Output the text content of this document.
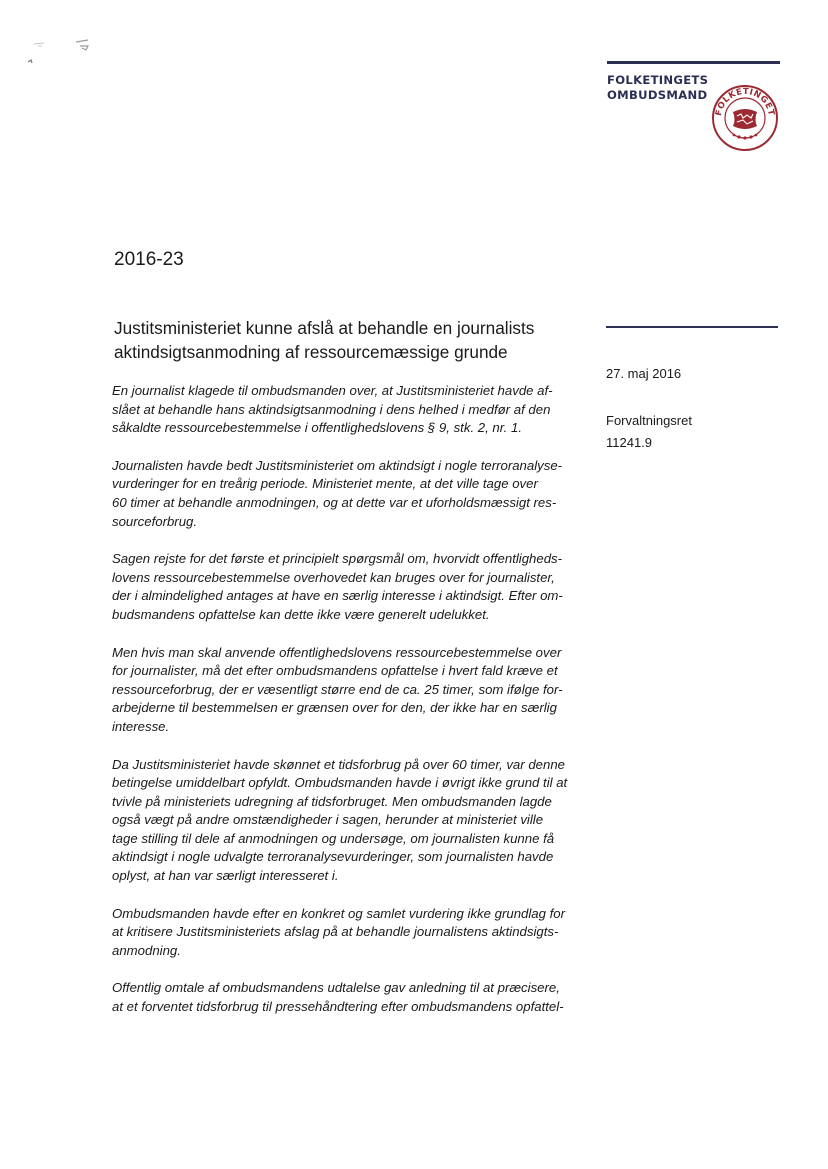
FOLKETINGETS
OMBUDSMAND
FOLKETINGET
2016-23
Justitsministeriet kunne afslå at behandle en journalists
aktindsigtsanmodning af ressourcemæssige grunde
27. maj 2016
Forvaltningsret
11241.9

En journalist klagede til ombudsmanden over, at Justitsministeriet havde af-
slået at behandle hans aktindsigtsanmodning i dens helhed i medfør af den
såkaldte ressourcebestemmelse i offentlighedslovens § 9, stk. 2, nr. 1.

Journalisten havde bedt Justitsministeriet om aktindsigt i nogle terroranalyse-
vurderinger for en treårig periode. Ministeriet mente, at det ville tage over
60 timer at behandle anmodningen, og at dette var et uforholdsmæssigt res-
sourceforbrug.

Sagen rejste for det første et principielt spørgsmål om, hvorvidt offentligheds-
lovens ressourcebestemmelse overhovedet kan bruges over for journalister,
der i almindelighed antages at have en særlig interesse i aktindsigt. Efter om-
budsmandens opfattelse kan dette ikke være generelt udelukket.

Men hvis man skal anvende offentlighedslovens ressourcebestemmelse over
for journalister, må det efter ombudsmandens opfattelse i hvert fald kræve et
ressourceforbrug, der er væsentligt større end de ca. 25 timer, som ifølge for-
arbejderne til bestemmelsen er grænsen over for den, der ikke har en særlig
interesse.

Da Justitsministeriet havde skønnet et tidsforbrug på over 60 timer, var denne
betingelse umiddelbart opfyldt. Ombudsmanden havde i øvrigt ikke grund til at
tvivle på ministeriets udregning af tidsforbruget. Men ombudsmanden lagde
også vægt på andre omstændigheder i sagen, herunder at ministeriet ville
tage stilling til dele af anmodningen og undersøge, om journalisten kunne få
aktindsigt i nogle udvalgte terroranalysevurderinger, som journalisten havde
oplyst, at han var særligt interesseret i.

Ombudsmanden havde efter en konkret og samlet vurdering ikke grundlag for
at kritisere Justitsministeriets afslag på at behandle journalistens aktindsigts-
anmodning.

Offentlig omtale af ombudsmandens udtalelse gav anledning til at præcisere,
at et forventet tidsforbrug til pressehåndtering efter ombudsmandens opfattel-
